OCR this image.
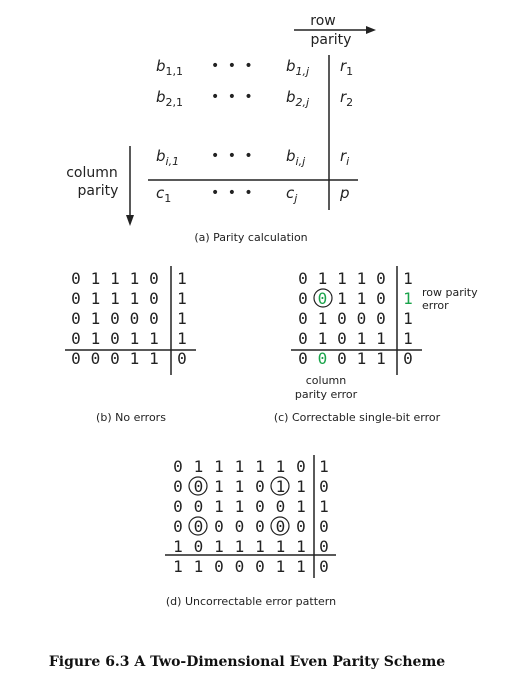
row
parity
column
parity
$b_{1,1}$ • • • $b_{1,j}$ $r_1$
$b_{2,1}$ • • • $b_{2,j}$ $r_2$
$b_{i,1}$ • • • $b_{i,j}$ $r_i$
$c_1$	• • • $c_j$	p
(a) Parity calculation
0
1
1
0
0
0
1
1
1
0
1
0
1
0
0
0
1
0
1
0
1
1
1
0
1
0
1
1
1
0
(b) No errors
0
1
1
0
0
0
1
1
1
0
1
0
1
0
0
0
1
0
1
0
1
1
0
0
1
0
1
1
1
0
row parity
error
column
parity error
(c) Correctable single-bit error
0
1
1
0
0
0
1
1
0
1
1
1
1
1
0
1
0
0
0
0
0
0
0
0
1
1
0
0
1
1
0
0
0
1
1
0
1
1
0
0
1
0
1
1
1
1
1
0
(d) Uncorrectable error pattern
Figure 6.3 A Two-Dimensional Even Parity Scheme
